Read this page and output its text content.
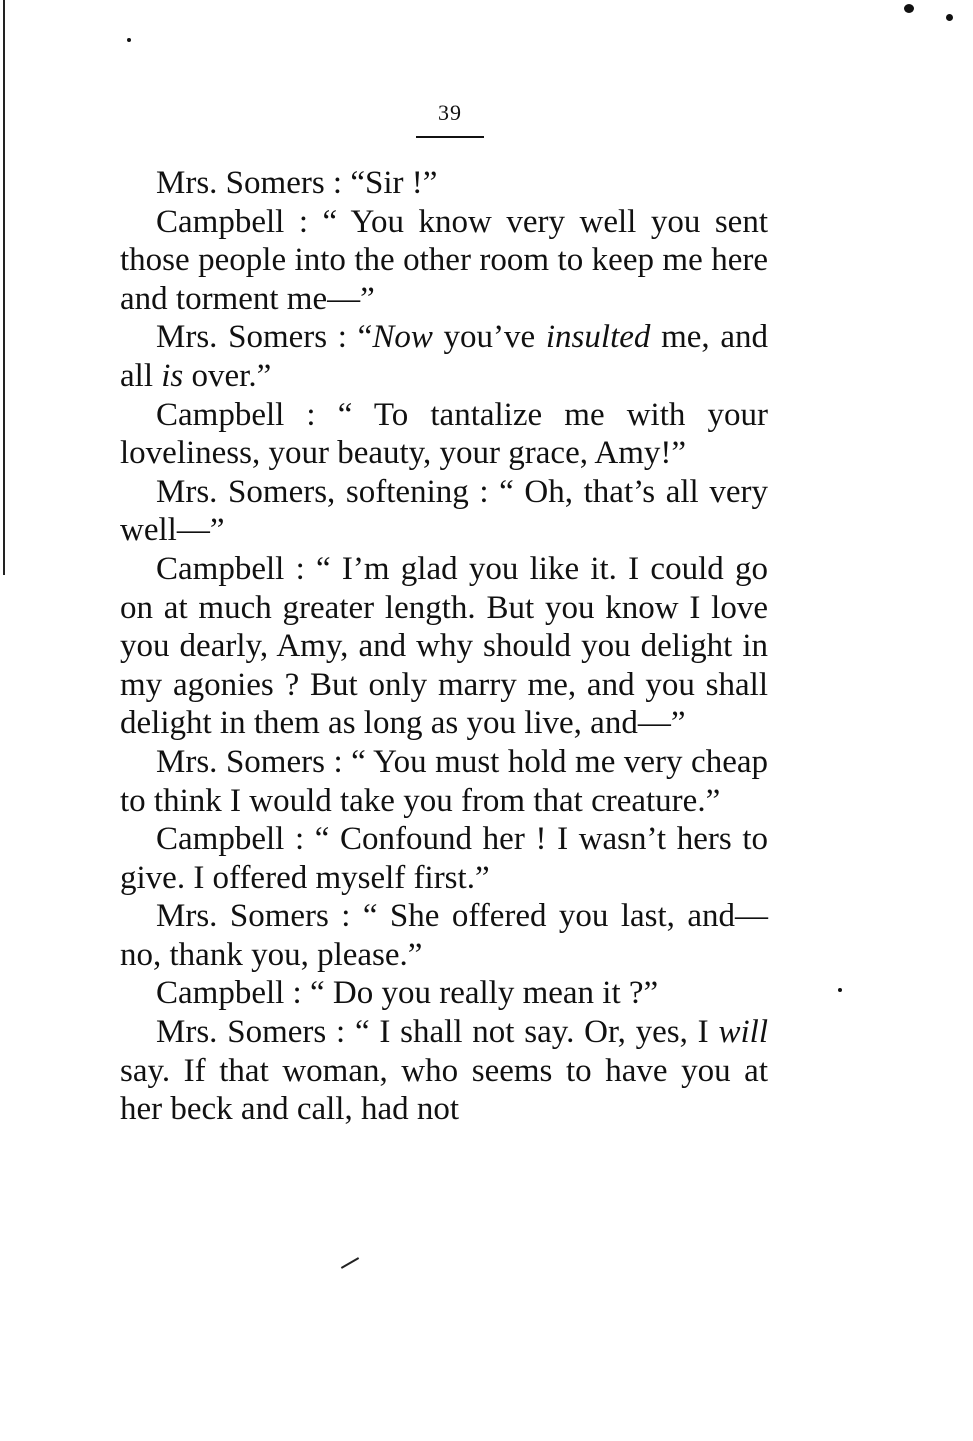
39

Mrs. Somers : “Sir !”

Campbell : “ You know very well you sent those people into the other room to keep me here and torment me—”

Mrs. Somers : “Now you’ve insulted me, and all is over.”

Campbell : “ To tantalize me with your loveliness, your beauty, your grace, Amy!”

Mrs. Somers, softening : “ Oh, that’s all very well—”

Campbell : “ I’m glad you like it. I could go on at much greater length. But you know I love you dearly, Amy, and why should you delight in my agonies ? But only marry me, and you shall delight in them as long as you live, and—”

Mrs. Somers : “ You must hold me very cheap to think I would take you from that creature.”

Campbell : “ Confound her ! I wasn’t hers to give. I offered myself first.”

Mrs. Somers : “ She offered you last, and—no, thank you, please.”

Campbell : “ Do you really mean it ?”

Mrs. Somers : “ I shall not say. Or, yes, I will say. If that woman, who seems to have you at her beck and call, had not
